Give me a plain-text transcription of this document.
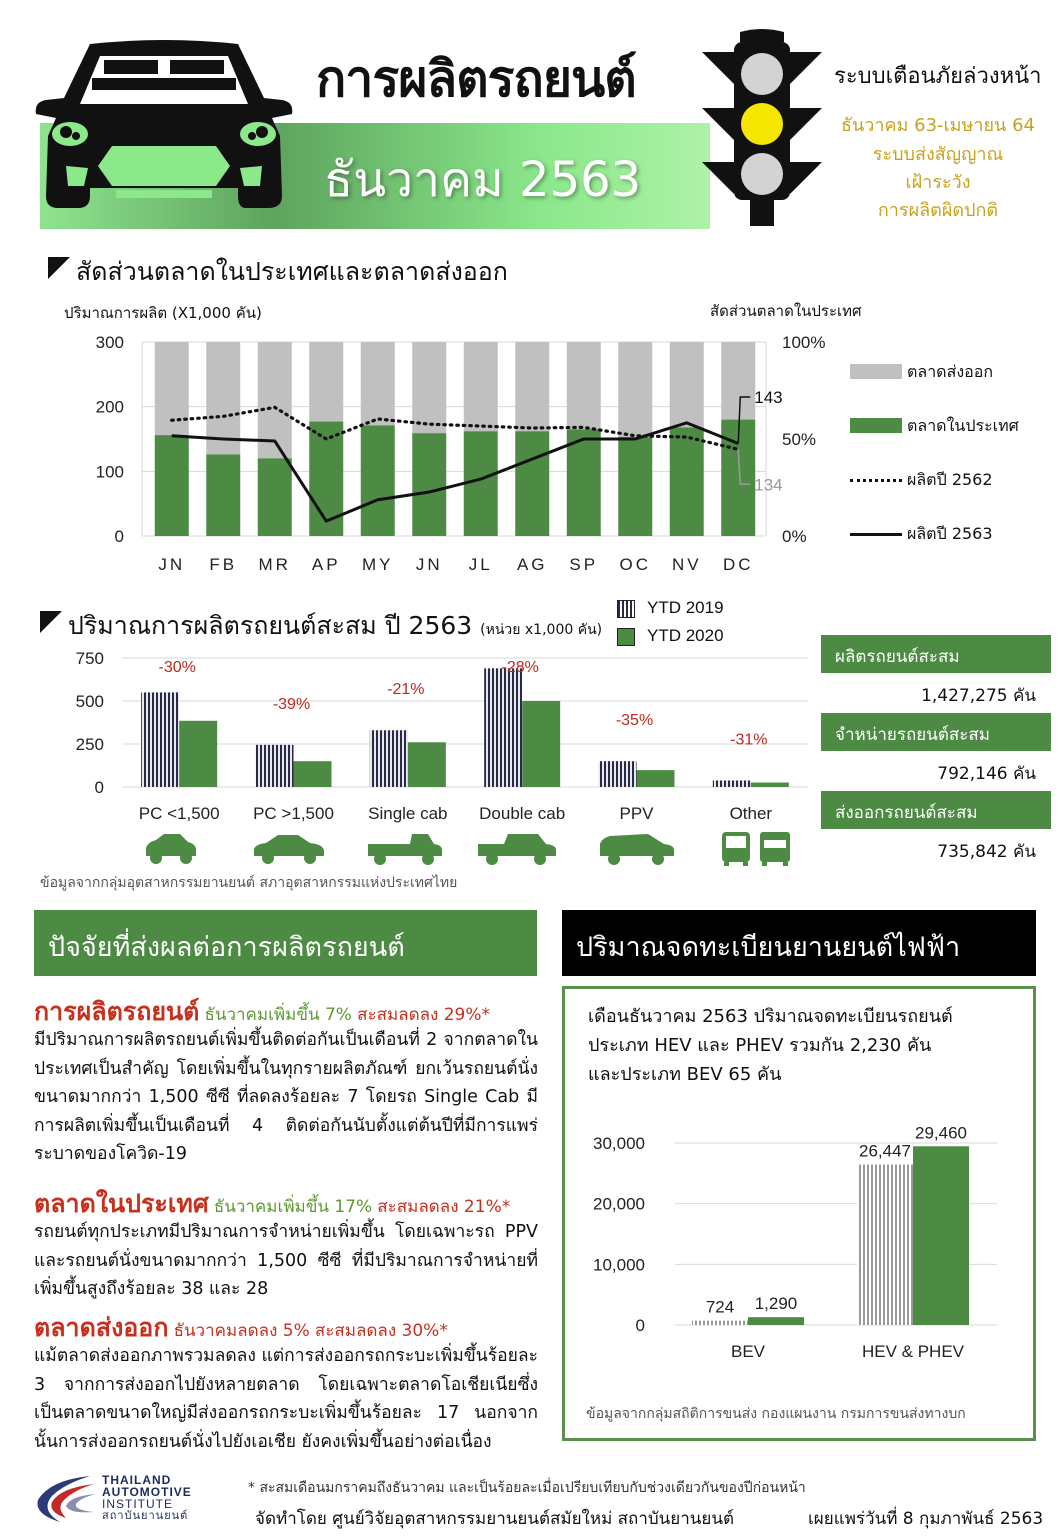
การผลิตรถยนต์
ธันวาคม 2563
ระบบเตือนภัยล่วงหน้า
ธันวาคม 63-เมษายน 64
ระบบส่งสัญญาณ
เฝ้าระวัง
การผลิตผิดปกติ
สัดส่วนตลาดในประเทศและตลาดส่งออก
ปริมาณการผลิต (X1,000 คัน)	สัดส่วนตลาดในประเทศ
0
100
200
300
0%
50%
100%
JN FB MR AP MY JN JL AG SP OC NV DC
143
134
ตลาดส่งออก
ตลาดในประเทศ
ผลิตปี 2562
ผลิตปี 2563
ปริมาณการผลิตรถยนต์สะสม ปี 2563 (หน่วย x1,000 คัน)
YTD 2019
YTD 2020
0
250
500
750
PC <1,500
-30%
PC >1,500
-39%
Single cab
-21%
Double cab
-28%
PPV
-35%
Other
-31%
ข้อมูลจากกลุ่มอุตสาหกรรมยานยนต์ สภาอุตสาหกรรมแห่งประเทศไทย
ผลิตรถยนต์สะสม
1,427,275 คัน
จำหน่ายรถยนต์สะสม
792,146 คัน
ส่งออกรถยนต์สะสม
735,842 คัน
ปัจจัยที่ส่งผลต่อการผลิตรถยนต์
การผลิตรถยนต์ ธันวาคมเพิ่มขึ้น 7% สะสมลดลง 29%*
มีปริมาณการผลิตรถยนต์เพิ่มขึ้นติดต่อกันเป็นเดือนที่ 2 จากตลาดในประเทศเป็นสำคัญ โดยเพิ่มขึ้นในทุกรายผลิตภัณฑ์ ยกเว้นรถยนต์นั่งขนาดมากกว่า 1,500 ซีซี ที่ลดลงร้อยละ 7 โดยรถ Single Cab มีการผลิตเพิ่มขึ้นเป็นเดือนที่ 4 ติดต่อกันนับตั้งแต่ต้นปีที่มีการแพร่ระบาดของโควิด-19
ตลาดในประเทศ ธันวาคมเพิ่มขึ้น 17% สะสมลดลง 21%*
รถยนต์ทุกประเภทมีปริมาณการจำหน่ายเพิ่มขึ้น โดยเฉพาะรถ PPV และรถยนต์นั่งขนาดมากกว่า 1,500 ซีซี ที่มีปริมาณการจำหน่ายที่เพิ่มขึ้นสูงถึงร้อยละ 38 และ 28
ตลาดส่งออก ธันวาคมลดลง 5% สะสมลดลง 30%*
แม้ตลาดส่งออกภาพรวมลดลง แต่การส่งออกรถกระบะเพิ่มขึ้นร้อยละ 3 จากการส่งออกไปยังหลายตลาด โดยเฉพาะตลาดโอเชียเนียซึ่งเป็นตลาดขนาดใหญ่มีส่งออกรถกระบะเพิ่มขึ้นร้อยละ 17 นอกจากนั้นการส่งออกรถยนต์นั่งไปยังเอเชีย ยังคงเพิ่มขึ้นอย่างต่อเนื่อง
ปริมาณจดทะเบียนยานยนต์ไฟฟ้าสะสม
เดือนธันวาคม 2563 ปริมาณจดทะเบียนรถยนต์
ประเภท HEV และ PHEV รวมกัน 2,230 คัน
และประเภท BEV 65 คัน
0
10,000
20,000
30,000
724 1,290
BEV
26,447
29,460
HEV & PHEV
ข้อมูลจากกลุ่มสถิติการขนส่ง กองแผนงาน กรมการขนส่งทางบก
THAILAND
AUTOMOTIVE
INSTITUTE
สถาบันยานยนต์
* สะสมเดือนมกราคมถึงธันวาคม และเป็นร้อยละเมื่อเปรียบเทียบกับช่วงเดียวกันของปีก่อนหน้า
จัดทำโดย ศูนย์วิจัยอุตสาหกรรมยานยนต์สมัยใหม่ สถาบันยานยนต์	เผยแพร่วันที่ 8 กุมภาพันธ์ 2563
